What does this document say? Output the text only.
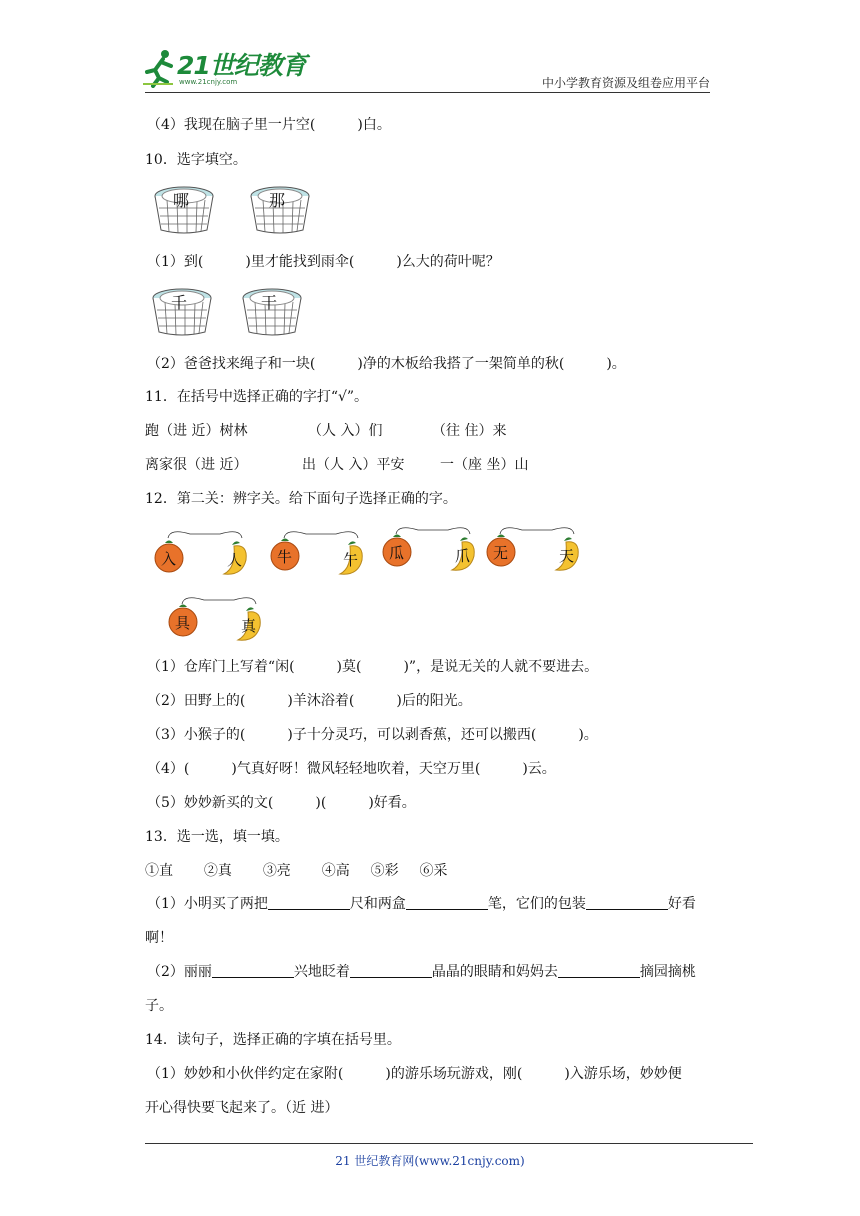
21世纪教育
www.21cnjy.com	中小学教育资源及组卷应用平台
（4）我现在脑子里一片空(	)白。
10．选字填空。
哪	那
（1）到(	)里才能找到雨伞(	)么大的荷叶呢？
千	干
（2）爸爸找来绳子和一块(	)净的木板给我搭了一架简单的秋(	)。
11．在括号中选择正确的字打“√”。
跑（进 近）树林	（人 入）们	（往 住）来
离家很（进 近）	出（人 入）平安	一（座 坐）山
12．第二关：辨字关。给下面句子选择正确的字。
入	人 牛	午 瓜	爪 无	天
具	真
（1）仓库门上写着“闲(	)莫(	)”，是说无关的人就不要进去。
（2）田野上的(	)羊沐浴着(	)后的阳光。
（3）小猴子的(	)子十分灵巧，可以剥香蕉，还可以搬西(	)。
（4）(	)气真好呀！微风轻轻地吹着，天空万里(	)云。
（5）妙妙新买的文(	)(	)好看。
13．选一选，填一填。
①直 ②真 ③亮 ④高 ⑤彩 ⑥采
（1）小明买了两把	尺和两盒	笔，它们的包装	好看
啊！
（2）丽丽	兴地眨着	晶晶的眼睛和妈妈去	摘园摘桃
子。
14．读句子，选择正确的字填在括号里。
（1）妙妙和小伙伴约定在家附(	)的游乐场玩游戏，刚(	)入游乐场，妙妙便
开心得快要飞起来了。（近 进）
21 世纪教育网(www.21cnjy.com)
